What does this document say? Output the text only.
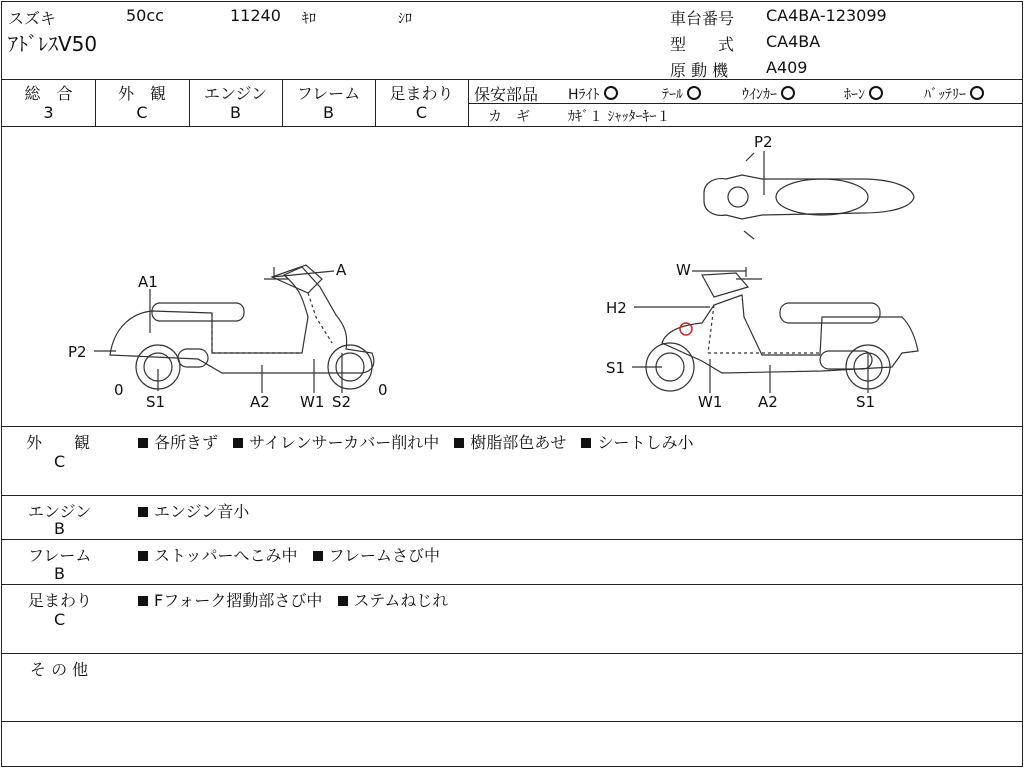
スズキ	50cc	11240 ｷﾛ	ｼﾛ
ｱﾄﾞﾚｽV50
車台番号 CA4BA-123099
型　　式 CA4BA
原 動 機 A409
総　合
3
外　観
C
エンジン
B
フレーム
B
足まわり
C
保安部品 Hﾗｲﾄ	ﾃｰﾙ	ｳｲﾝｶｰ	ﾎｰﾝ	ﾊﾞｯﾃﾘｰ
カ　ギ	ｶｷﾞ１ ｼｬｯﾀｰｷｰ１
A1
A
P2
0
S1	A2 W1 S2
0
W
H2
S1
W1 A2	S1
P2
外　　観
C
各所きず サイレンサーカバー削れ中 樹脂部色あせ シートしみ小
エンジン
B
エンジン音小
フレーム
B
ストッパーへこみ中 フレームさび中
足まわり
C
Fフォーク摺動部さび中 ステムねじれ
そ の 他
